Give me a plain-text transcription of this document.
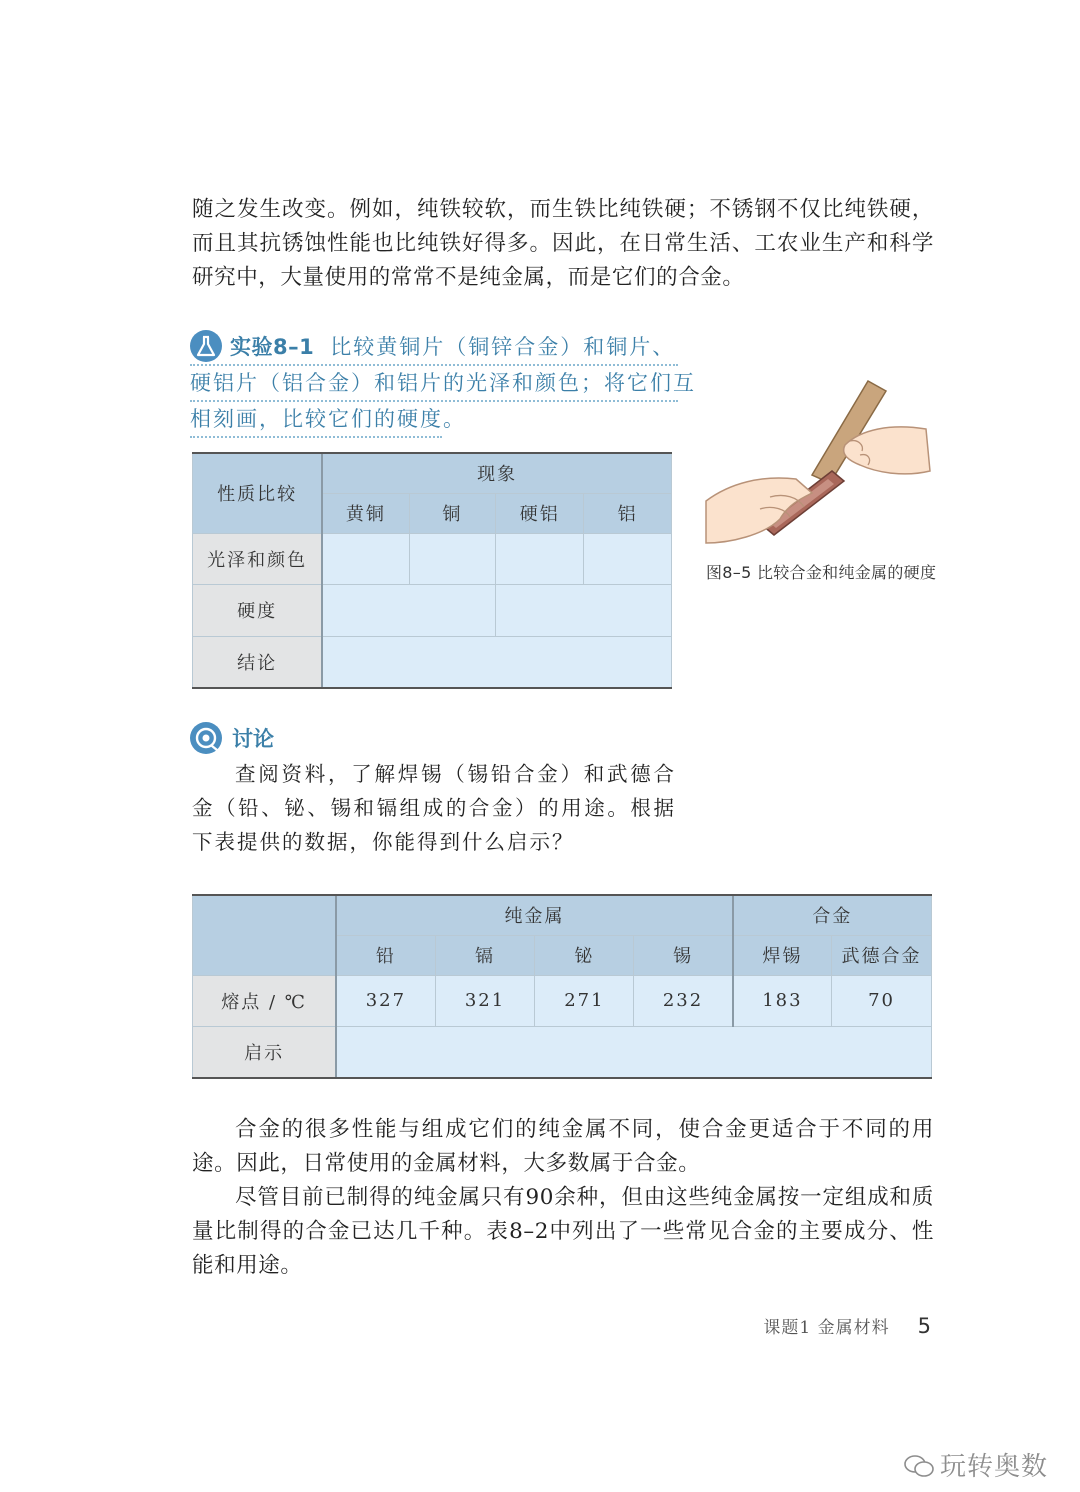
随之发生改变。例如，纯铁较软，而生铁比纯铁硬；不锈钢不仅比纯铁硬，而且其抗锈蚀性能也比纯铁好得多。因此，在日常生活、工农业生产和科学研究中，大量使用的常常不是纯金属，而是它们的合金。

实验8–1 比较黄铜片（铜锌合金）和铜片、
硬铝片（铝合金）和铝片的光泽和颜色；将它们互
相刻画，比较它们的硬度。
性质比较	现象			
	黄铜	铜	硬铝	铝
光泽和颜色				
硬度				
结论				
图8–5 比较合金和纯金属的硬度
讨论

查阅资料，了解焊锡（锡铅合金）和武德合金（铅、铋、锡和镉组成的合金）的用途。根据下表提供的数据，你能得到什么启示？

	纯金属				合金	
	铅	镉	铋	锡	焊锡	武德合金
熔点 / ℃	327	321	271	232	183	70
启示						

合金的很多性能与组成它们的纯金属不同，使合金更适合于不同的用途。因此，日常使用的金属材料，大多数属于合金。

尽管目前已制得的纯金属只有90余种，但由这些纯金属按一定组成和质量比制得的合金已达几千种。表8–2中列出了一些常见合金的主要成分、性能和用途。

课题1 金属材料 5
玩转奥数
